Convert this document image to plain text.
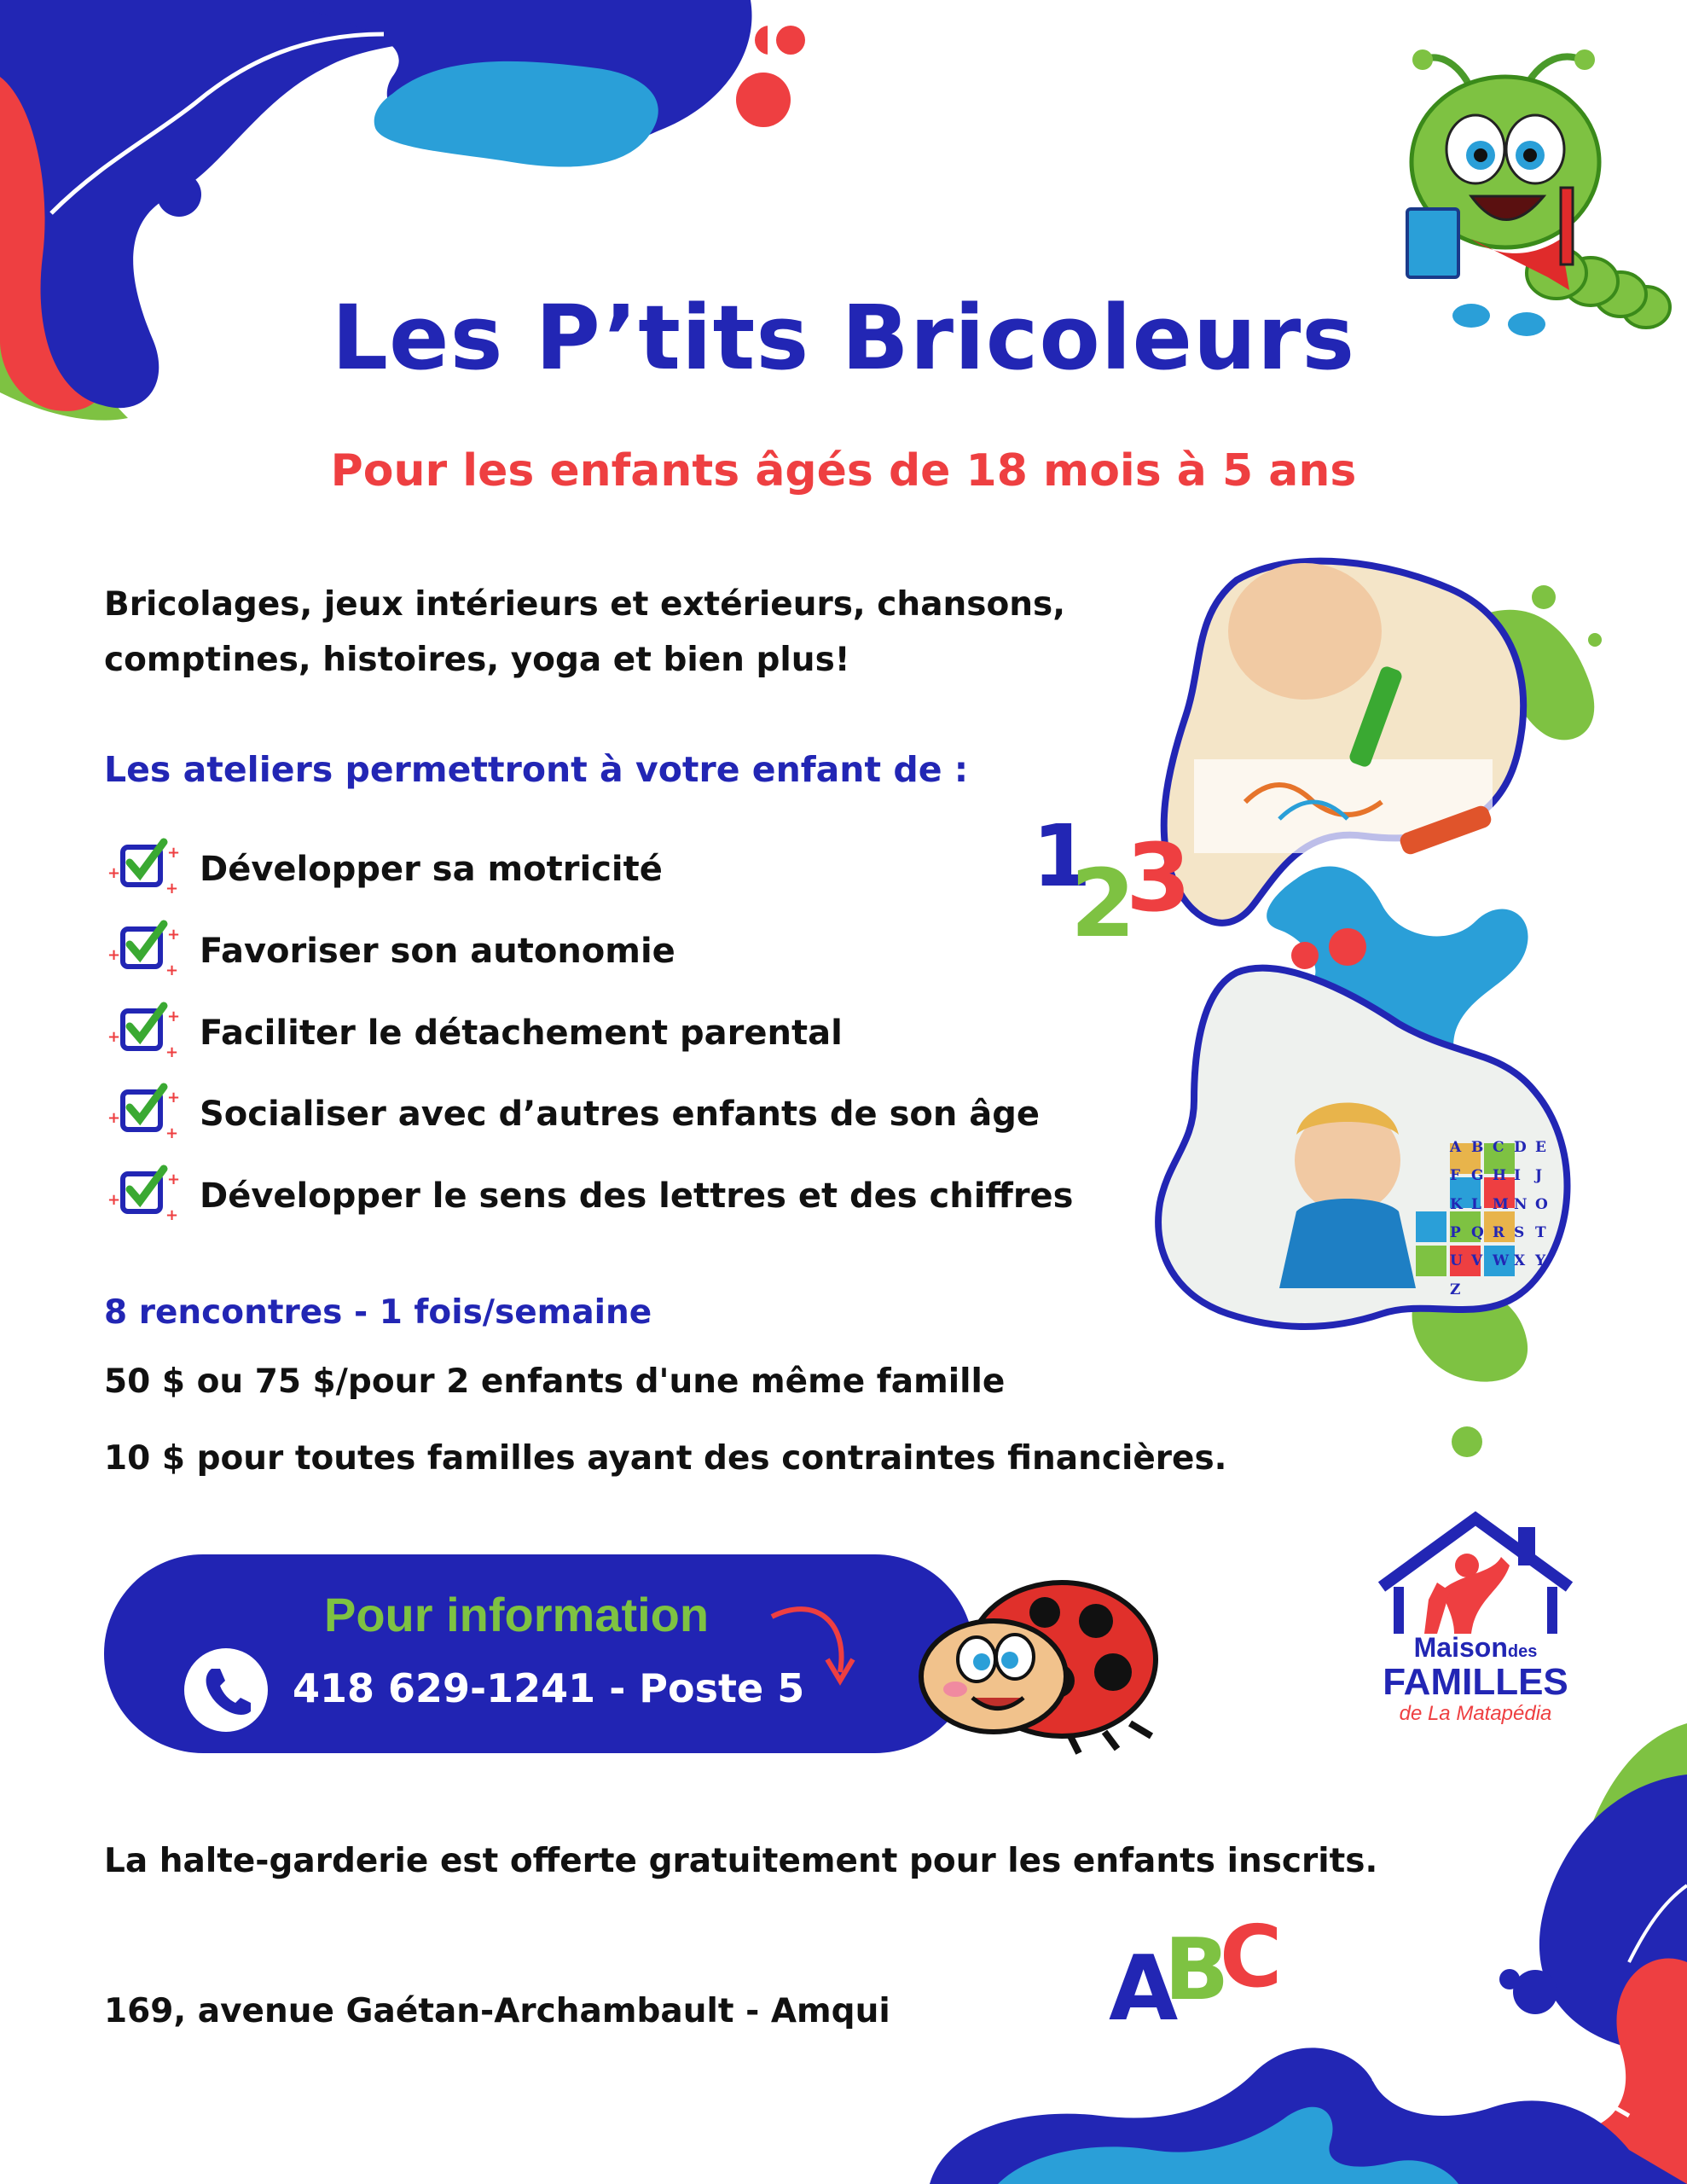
Les P’tits Bricoleurs
Pour les enfants âgés de 18 mois à 5 ans
Bricolages, jeux intérieurs et extérieurs, chansons,
comptines, histoires, yoga et bien plus!
Les ateliers permettront à votre enfant de :
+
+
+ Développer sa motricité
+
+
+ Favoriser son autonomie
+
+
+ Faciliter le détachement parental
+
+
+ Socialiser avec d’autres enfants de son âge
+
+
+ Développer le sens des lettres et des chiffres
1
2
3
8 rencontres - 1 fois/semaine
50 $ ou 75 $/pour 2 enfants d'une même famille
10 $ pour toutes familles ayant des contraintes financières.
Pour information
418 629-1241 - Poste 5
Maisondes
FAMILLES
de La Matapédia
La halte-garderie est offerte gratuitement pour les enfants inscrits.
169, avenue Gaétan-Archambault - Amqui A
B
C
A B C D E
F G H I	J
K L M N O
P Q R S T
U V W X Y
Z
